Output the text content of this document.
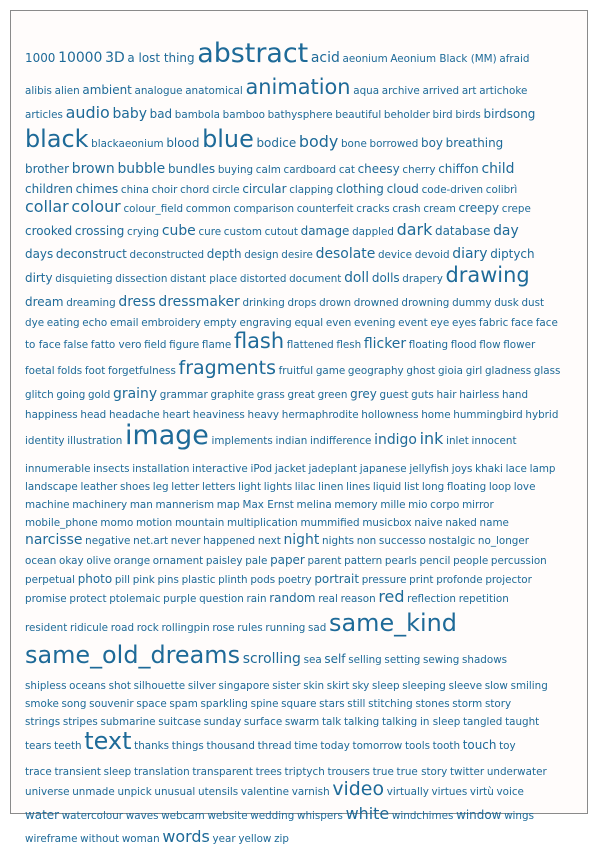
1000 10000 3D a lost thingabstract acid aeonium Aeonium Black (MM) afraid
alibis alien ambient analogue anatomical animation aqua archive arrived art artichoke
articles audio baby bad bambola bamboo bathysphere beautiful beholder bird birds birdsong
black blackaeonium blood blue bodice body bone borrowed boy breathing
brother brown bubble bundles buying calm cardboard cat cheesy cherry chiffon child
children chimes china choir chord circle circular clapping clothing cloud code-driven colibrì
collar colour colour_field common comparison counterfeit cracks crash cream creepy crepe
crooked crossing crying cube cure custom cutout damage dappled dark database day
days deconstruct deconstructed depth design desire desolate device devoid diary diptych
dirty disquieting dissection distant place distorted document doll dolls drapery drawing
dream dreaming dress dressmaker drinking drops drown drowned drowning dummy dusk dust
dye eating echo email embroidery empty engraving equal even evening event eye eyes fabric face face
to face false fatto vero field figure flame flash flattened flesh flicker floating flood flow flower
foetal folds foot forgetfulness fragments fruitful game geography ghost gioia girl gladness glass
glitch going gold grainy grammar graphite grass great green grey guest guts hair hairless hand
happiness head headache heart heaviness heavy hermaphrodite hollowness home hummingbird hybrid
identity illustrationimage implements indian indifference indigo ink inlet innocent
innumerable insects installation interactive iPod jacket jadeplant japanese jellyfish joys khaki lace lamp
landscape leather shoes leg letter letters light lights lilac linen lines liquid list long floating loop love
machine machinery man mannerism map Max Ernst melina memory mille mio corpo mirror
mobile_phone momo motion mountain multiplication mummified musicbox naive naked name
narcisse negative net.art never happened next night nights non successo nostalgic no_longer
ocean okay olive orange ornament paisley pale paper parent pattern pearls pencil people percussion
perpetual photo pill pink pins plastic plinth pods poetry portrait pressure print profonde projector
promise protect ptolemaic purple question rain random real reason red reflection repetition
resident ridicule road rock rollingpin rose rules running sad same_kind
same_old_dreams scrolling sea self selling setting sewing shadows
shipless oceans shot silhouette silver singapore sister skin skirt sky sleep sleeping sleeve slow smiling
smoke song souvenir space spam sparkling spine square stars still stitching stones storm story
strings stripes submarine suitcase sunday surface swarm talk talking talking in sleep tangled taught
tears teeth text thanks things thousand thread time today tomorrow tools tooth touch toy
trace transient sleep translation transparent trees triptych trousers true true story twitter underwater
universe unmade unpick unusual utensils valentine varnish video virtually virtues virtù voice
water watercolour waves webcam website wedding whispers white windchimes window wings
wireframe without woman words year yellow zip
